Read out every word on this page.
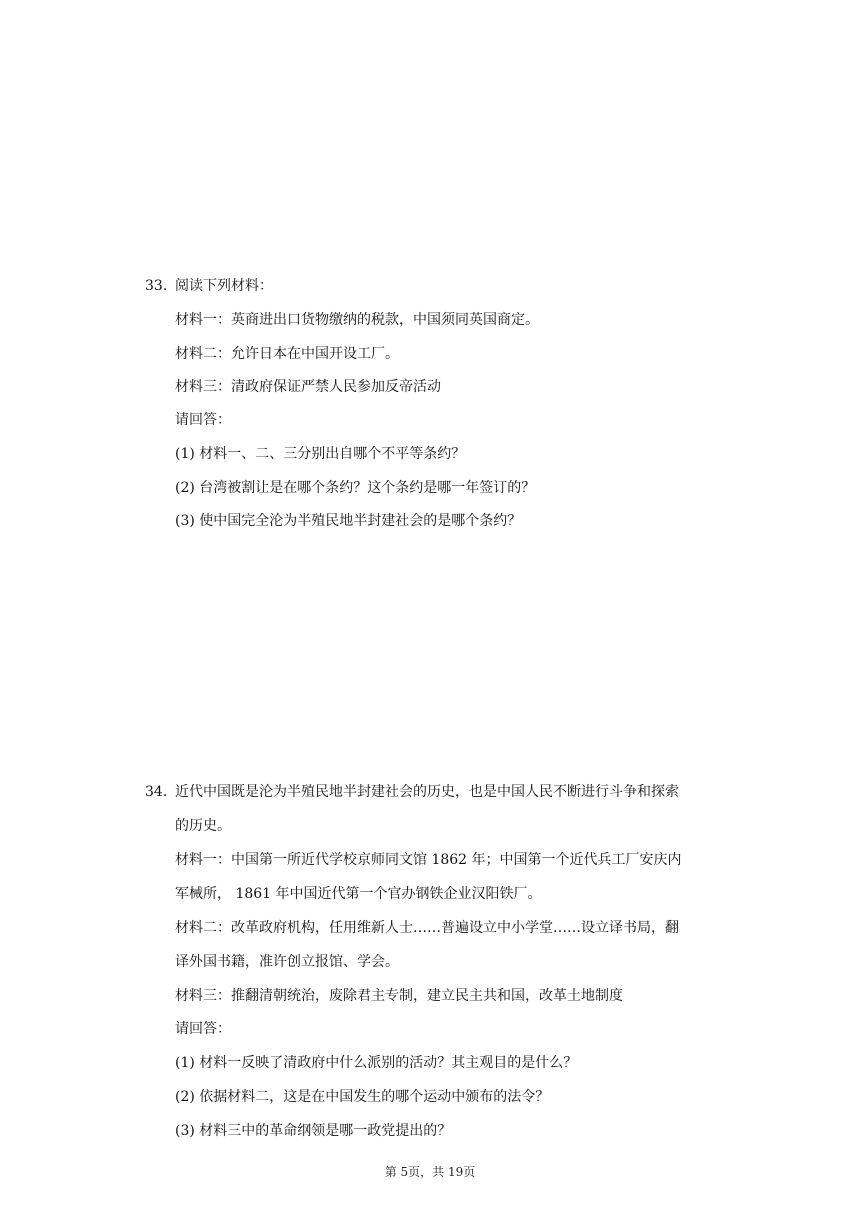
33. 阅读下列材料：
材料一：英商进出口货物缴纳的税款，中国须同英国商定。
材料二：允许日本在中国开设工厂。
材料三：清政府保证严禁人民参加反帝活动
请回答：
(1) 材料一、二、三分别出自哪个不平等条约？
(2) 台湾被割让是在哪个条约？这个条约是哪一年签订的？
(3) 使中国完全沦为半殖民地半封建社会的是哪个条约？
34. 近代中国既是沦为半殖民地半封建社会的历史，也是中国人民不断进行斗争和探索
的历史。
材料一：中国第一所近代学校京师同文馆 1862 年；中国第一个近代兵工厂安庆内
军械所， 1861 年中国近代第一个官办钢铁企业汉阳铁厂。
材料二：改革政府机构，任用维新人士……普遍设立中小学堂……设立译书局，翻
译外国书籍，准许创立报馆、学会。
材料三：推翻清朝统治，废除君主专制，建立民主共和国，改革土地制度
请回答：
(1) 材料一反映了清政府中什么派别的活动？其主观目的是什么？
(2) 依据材料二，这是在中国发生的哪个运动中颁布的法令？
(3) 材料三中的革命纲领是哪一政党提出的？
第 5页，共 19页
